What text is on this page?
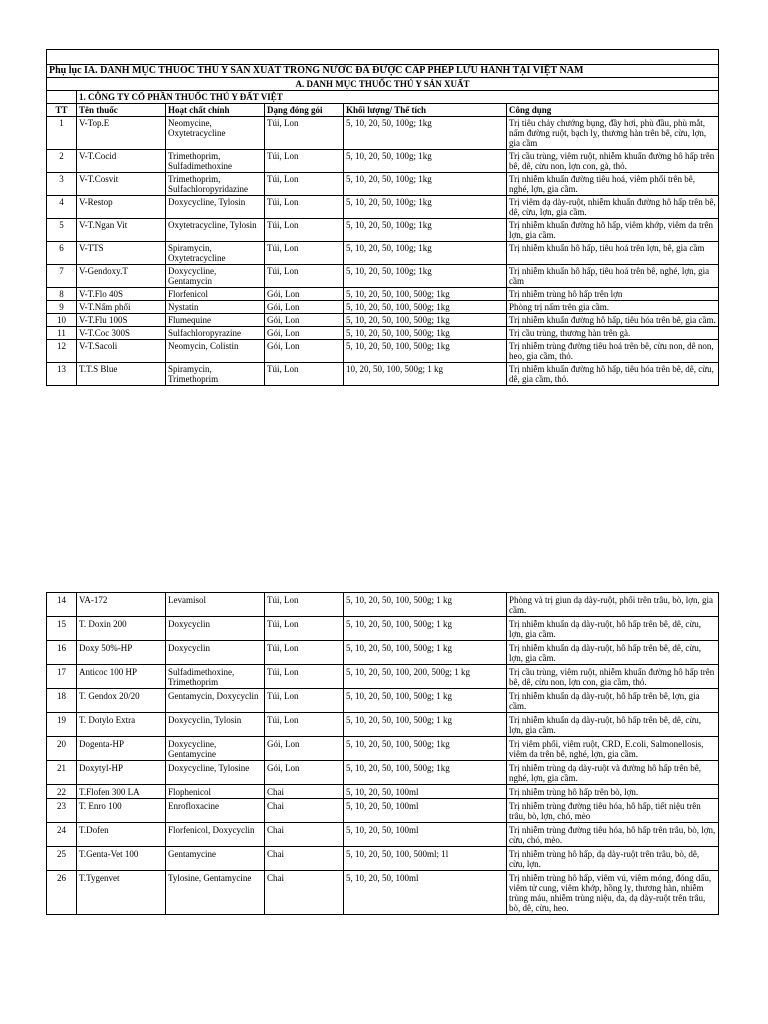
Phụ lục IA. DANH MỤC THUỐC THÚ Y SẢN XUẤT TRONG NƯỚC ĐÃ ĐƯỢC CẤP PHÉP LƯU HÀNH TẠI VIỆT NAM					
A. DANH MỤC THUỐC THÚ Y SẢN XUẤT					
	1. CÔNG TY CỔ PHẦN THUỐC THÚ Y ĐẤT VIỆT				
TT	Tên thuốc	Hoạt chất chính	Dạng đóng gói	Khối lượng/ Thể tích	Công dụng
1	V-Top.E	Neomycine, Oxytetracycline	Túi, Lon	5, 10, 20, 50, 100g; 1kg	Trị tiêu chảy chướng bụng, đầy hơi, phù đầu, phù mắt, nấm đường ruột, bạch lỵ, thương hàn trên bê, cừu, lợn, gia cầm
2	V-T.Cocid	Trimethoprim, Sulfadimethoxine	Túi, Lon	5, 10, 20, 50, 100g; 1kg	Trị cầu trùng, viêm ruột, nhiễm khuẩn đường hô hấp trên bê, dê, cừu non, lợn con, gà, thỏ.
3	V-T.Cosvit	Trimethoprim, Sulfachloropyridazine	Túi, Lon	5, 10, 20, 50, 100g; 1kg	Trị nhiễm khuẩn đường tiêu hoá, viêm phổi trên bê, nghé, lợn, gia cầm.
4	V-Restop	Doxycycline, Tylosin	Túi, Lon	5, 10, 20, 50, 100g; 1kg	Trị viêm dạ dày-ruột, nhiễm khuẩn đường hô hấp trên bê, dê, cừu, lợn, gia cầm.
5	V-T.Ngan Vit	Oxytetracycline, Tylosin	Túi, Lon	5, 10, 20, 50, 100g; 1kg	Trị nhiễm khuẩn đường hô hấp, viêm khớp, viêm da trên lợn, gia cầm.
6	V-TTS	Spiramycin, Oxytetracycline	Túi, Lon	5, 10, 20, 50, 100g; 1kg	Trị nhiễm khuẩn hô hấp, tiêu hoá trên lợn, bê, gia cầm
7	V-Gendoxy.T	Doxycycline, Gentamycin	Túi, Lon	5, 10, 20, 50, 100g; 1kg	Trị nhiễm khuẩn hô hấp, tiêu hoá trên bê, nghé, lợn, gia cầm
8	V-T.Flo 40S	Florfenicol	Gói, Lon	5, 10, 20, 50, 100, 500g; 1kg	Trị nhiễm trùng hô hấp trên lợn
9	V-T.Nấm phổi	Nystatin	Gói, Lon	5, 10, 20, 50, 100, 500g; 1kg	Phòng trị nấm trên gia cầm.
10	V-T.Flu 100S	Flumequine	Gói, Lon	5, 10, 20, 50, 100, 500g; 1kg	Trị nhiễm khuẩn đường hô hấp, tiêu hóa trên bê, gia cầm.
11	V-T.Coc 300S	Sulfachloropyrazine	Gói, Lon	5, 10, 20, 50, 100, 500g; 1kg	Trị cầu trùng, thương hàn trên gà.
12	V-T.Sacoli	Neomycin, Colistin	Gói, Lon	5, 10, 20, 50, 100, 500g; 1kg	Trị nhiễm trùng đường tiêu hoá trên bê, cừu non, dê non, heo, gia cầm, thỏ.
13	T.T.S Blue	Spiramycin, Trimethoprim	Túi, Lon	10, 20, 50, 100, 500g; 1 kg	Trị nhiễm khuẩn đường hô hấp, tiêu hóa trên bê, dê, cừu, dê, gia cầm, thỏ.
14	VA-172	Levamisol	Túi, Lon	5, 10, 20, 50, 100, 500g; 1 kg	Phòng và trị giun dạ dày-ruột, phổi trên trâu, bò, lợn, gia cầm.
15	T. Doxin 200	Doxycyclin	Túi, Lon	5, 10, 20, 50, 100, 500g; 1 kg	Trị nhiễm khuẩn dạ dày-ruột, hô hấp trên bê, dê, cừu, lợn, gia cầm.
16	Doxy 50%-HP	Doxycyclin	Túi, Lon	5, 10, 20, 50, 100, 500g; 1 kg	Trị nhiễm khuẩn dạ dày-ruột, hô hấp trên bê, dê, cừu, lợn, gia cầm.
17	Anticoc 100 HP	Sulfadimethoxine, Trimethoprim	Túi, Lon	5, 10, 20, 50, 100, 200, 500g; 1 kg	Trị cầu trùng, viêm ruột, nhiễm khuẩn đường hô hấp trên bê, dê, cừu non, lợn con, gia cầm, thỏ.
18	T. Gendox 20/20	Gentamycin, Doxycyclin	Túi, Lon	5, 10, 20, 50, 100, 500g; 1 kg	Trị nhiễm khuẩn dạ dày-ruột, hô hấp trên bê, lợn, gia cầm.
19	T. Dotylo Extra	Doxycyclin, Tylosin	Túi, Lon	5, 10, 20, 50, 100, 500g; 1 kg	Trị nhiễm khuẩn dạ dày-ruột, hô hấp trên bê, dê, cừu, lợn, gia cầm.
20	Dogenta-HP	Doxycycline, Gentamycine	Gói, Lon	5, 10, 20, 50, 100, 500g; 1kg	Trị viêm phổi, viêm ruột, CRD, E.coli, Salmonellosis, viêm da trên bê, nghé, lợn, gia cầm.
21	Doxytyl-HP	Doxycycline, Tylosine	Gói, Lon	5, 10, 20, 50, 100, 500g; 1kg	Trị nhiễm trùng dạ dày-ruột và đường hô hấp trên bê, nghé, lợn, gia cầm.
22	T.Flofen 300 LA	Flophenicol	Chai	5, 10, 20, 50, 100ml	Trị nhiễm trùng hô hấp trên bò, lợn.
23	T. Enro 100	Enrofloxacine	Chai	5, 10, 20, 50, 100ml	Trị nhiễm trùng đường tiêu hóa, hô hấp, tiết niệu trên trâu, bò, lợn, chó, mèo
24	T.Dofen	Florfenicol, Doxycyclin	Chai	5, 10, 20, 50, 100ml	Trị nhiễm trùng đường tiêu hóa, hô hấp trên trâu, bò, lợn, cừu, chó, mèo.
25	T.Genta-Vet 100	Gentamycine	Chai	5, 10, 20, 50, 100, 500ml; 1l	Trị nhiễm trùng hô hấp, dạ dày-ruột trên trâu, bò, dê, cừu, lợn.
26	T.Tygenvet	Tylosine, Gentamycine	Chai	5, 10, 20, 50, 100ml	Trị nhiễm trùng hô hấp, viêm vú, viêm móng, đóng dấu, viêm tử cung, viêm khớp, hồng lỵ, thương hàn, nhiễm trùng máu, nhiễm trùng niệu, da, dạ dày-ruột trên trâu, bò, dê, cừu, heo.
